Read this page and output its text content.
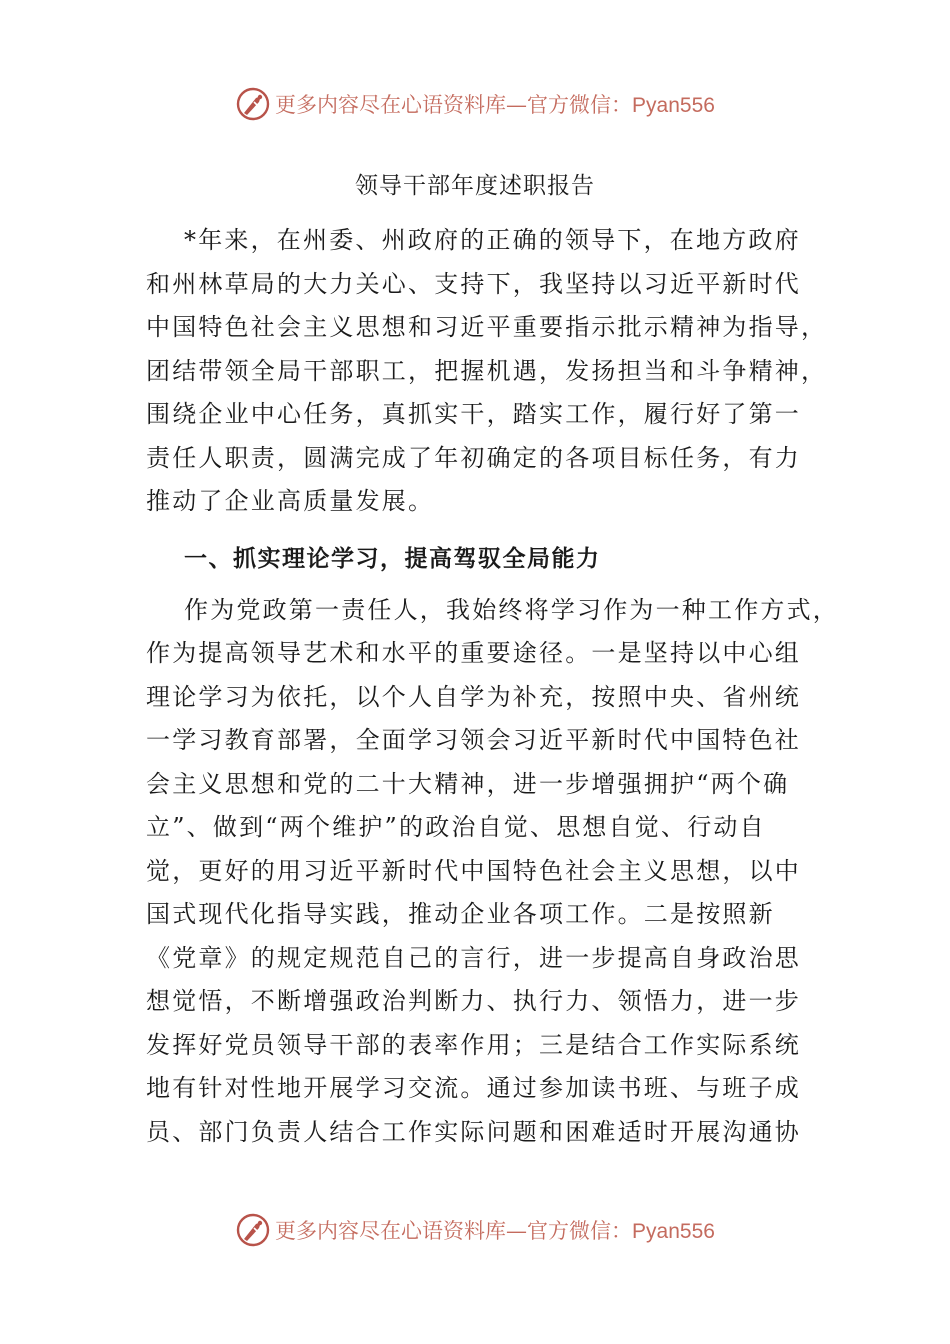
更多内容尽在心语资料库—官方微信：Pyan556
领导干部年度述职报告

*年来，在州委、州政府的正确的领导下，在地方政府
和州林草局的大力关心、支持下，我坚持以习近平新时代
中国特色社会主义思想和习近平重要指示批示精神为指导，
团结带领全局干部职工，把握机遇，发扬担当和斗争精神，
围绕企业中心任务，真抓实干，踏实工作，履行好了第一
责任人职责，圆满完成了年初确定的各项目标任务，有力
推动了企业高质量发展。

一、抓实理论学习，提高驾驭全局能力

作为党政第一责任人，我始终将学习作为一种工作方式，
作为提高领导艺术和水平的重要途径。一是坚持以中心组
理论学习为依托，以个人自学为补充，按照中央、省州统
一学习教育部署，全面学习领会习近平新时代中国特色社
会主义思想和党的二十大精神，进一步增强拥护“两个确
立”、做到“两个维护”的政治自觉、思想自觉、行动自
觉，更好的用习近平新时代中国特色社会主义思想，以中
国式现代化指导实践，推动企业各项工作。二是按照新
《党章》的规定规范自己的言行，进一步提高自身政治思
想觉悟，不断增强政治判断力、执行力、领悟力，进一步
发挥好党员领导干部的表率作用；三是结合工作实际系统
地有针对性地开展学习交流。通过参加读书班、与班子成
员、部门负责人结合工作实际问题和困难适时开展沟通协

更多内容尽在心语资料库—官方微信：Pyan556
